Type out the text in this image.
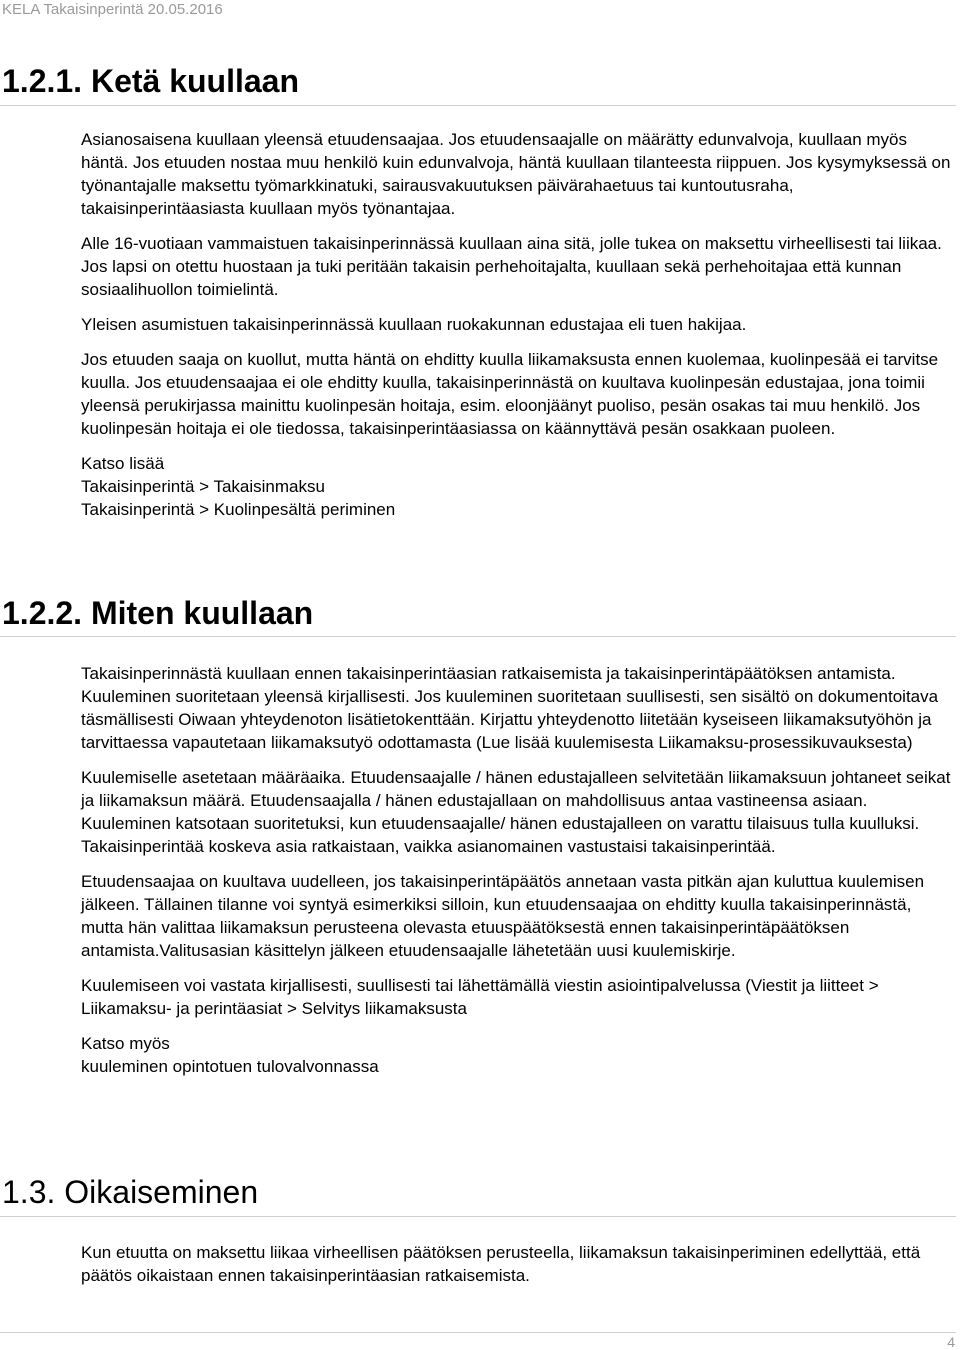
KELA Takaisinperintä 20.05.2016
1.2.1. Ketä kuullaan

Asianosaisena kuullaan yleensä etuudensaajaa. Jos etuudensaajalle on määrätty edunvalvoja, kuullaan myös häntä. Jos etuuden nostaa muu henkilö kuin edunvalvoja, häntä kuullaan tilanteesta riippuen. Jos kysymyksessä on työnantajalle maksettu työmarkkinatuki, sairausvakuutuksen päivärahaetuus tai kuntoutusraha, takaisinperintäasiasta kuullaan myös työnantajaa.

Alle 16-vuotiaan vammaistuen takaisinperinnässä kuullaan aina sitä, jolle tukea on maksettu virheellisesti tai liikaa. Jos lapsi on otettu huostaan ja tuki peritään takaisin perhehoitajalta, kuullaan sekä perhehoitajaa että kunnan sosiaalihuollon toimielintä.

Yleisen asumistuen takaisinperinnässä kuullaan ruokakunnan edustajaa eli tuen hakijaa.

Jos etuuden saaja on kuollut, mutta häntä on ehditty kuulla liikamaksusta ennen kuolemaa, kuolinpesää ei tarvitse kuulla. Jos etuudensaajaa ei ole ehditty kuulla, takaisinperinnästä on kuultava kuolinpesän edustajaa, jona toimii yleensä perukirjassa mainittu kuolinpesän hoitaja, esim. eloonjäänyt puoliso, pesän osakas tai muu henkilö. Jos kuolinpesän hoitaja ei ole tiedossa, takaisinperintäasiassa on käännyttävä pesän osakkaan puoleen.

Katso lisää

Takaisinperintä > Takaisinmaksu

Takaisinperintä > Kuolinpesältä periminen

1.2.2. Miten kuullaan

Takaisinperinnästä kuullaan ennen takaisinperintäasian ratkaisemista ja takaisinperintäpäätöksen antamista. Kuuleminen suoritetaan yleensä kirjallisesti. Jos kuuleminen suoritetaan suullisesti, sen sisältö on dokumentoitava täsmällisesti Oiwaan yhteydenoton lisätietokenttään. Kirjattu yhteydenotto liitetään kyseiseen liikamaksutyöhön ja tarvittaessa vapautetaan liikamaksutyö odottamasta (Lue lisää kuulemisesta Liikamaksu-prosessikuvauksesta)

Kuulemiselle asetetaan määräaika. Etuudensaajalle / hänen edustajalleen selvitetään liikamaksuun johtaneet seikat ja liikamaksun määrä. Etuudensaajalla / hänen edustajallaan on mahdollisuus antaa vastineensa asiaan. Kuuleminen katsotaan suoritetuksi, kun etuudensaajalle/ hänen edustajalleen on varattu tilaisuus tulla kuulluksi. Takaisinperintää koskeva asia ratkaistaan, vaikka asianomainen vastustaisi takaisinperintää.

Etuudensaajaa on kuultava uudelleen, jos takaisinperintäpäätös annetaan vasta pitkän ajan kuluttua kuulemisen jälkeen. Tällainen tilanne voi syntyä esimerkiksi silloin, kun etuudensaajaa on ehditty kuulla takaisinperinnästä, mutta hän valittaa liikamaksun perusteena olevasta etuuspäätöksestä ennen takaisinperintäpäätöksen antamista.Valitusasian käsittelyn jälkeen etuudensaajalle lähetetään uusi kuulemiskirje.

Kuulemiseen voi vastata kirjallisesti, suullisesti tai lähettämällä viestin asiointipalvelussa (Viestit ja liitteet > Liikamaksu- ja perintäasiat > Selvitys liikamaksusta

Katso myös

kuuleminen opintotuen tulovalvonnassa

1.3. Oikaiseminen

Kun etuutta on maksettu liikaa virheellisen päätöksen perusteella, liikamaksun takaisinperiminen edellyttää, että päätös oikaistaan ennen takaisinperintäasian ratkaisemista.

4
